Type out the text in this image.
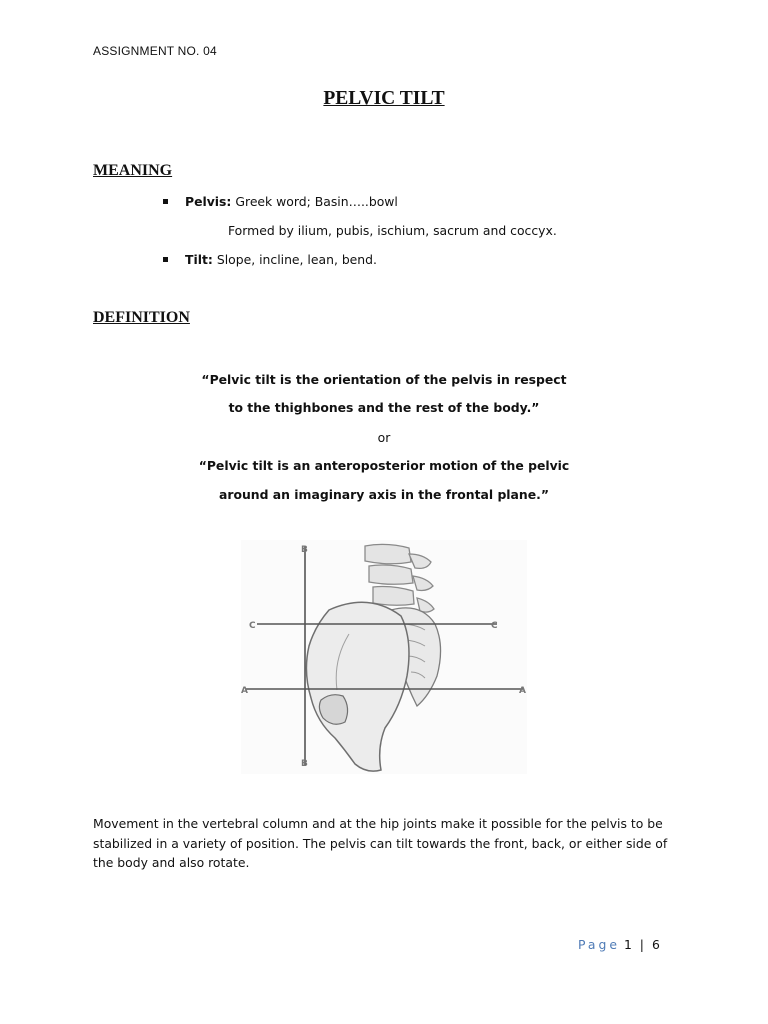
ASSIGNMENT NO. 04
PELVIC TILT
MEANING
Pelvis: Greek word; Basin…..bowl
Formed by ilium, pubis, ischium, sacrum and coccyx.
Tilt: Slope, incline, lean, bend.
DEFINITION
“Pelvic tilt is the orientation of the pelvis in respect
to the thighbones and the rest of the body.”
or
“Pelvic tilt is an anteroposterior motion of the pelvic
around an imaginary axis in the frontal plane.”
B
B
C	C
A	A
Movement in the vertebral column and at the hip joints make it possible for the pelvis to be
stabilized in a variety of position. The pelvis can tilt towards the front, back, or either side of
the body and also rotate.
Page 1 | 6
